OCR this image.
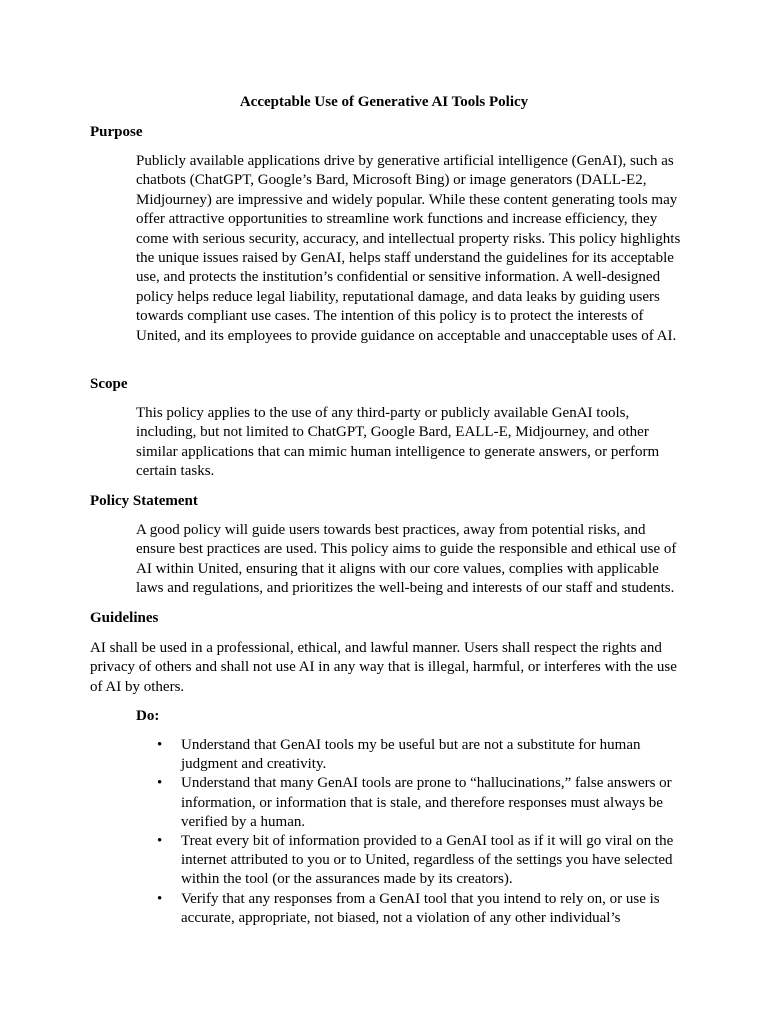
Acceptable Use of Generative AI Tools Policy
Purpose

Publicly available applications drive by generative artificial intelligence (GenAI), such as chatbots (ChatGPT, Google’s Bard, Microsoft Bing) or image generators (DALL-E2, Midjourney) are impressive and widely popular. While these content generating tools may offer attractive opportunities to streamline work functions and increase efficiency, they come with serious security, accuracy, and intellectual property risks. This policy highlights the unique issues raised by GenAI, helps staff understand the guidelines for its acceptable use, and protects the institution’s confidential or sensitive information. A well-designed policy helps reduce legal liability, reputational damage, and data leaks by guiding users towards compliant use cases. The intention of this policy is to protect the interests of United, and its employees to provide guidance on acceptable and unacceptable uses of AI.

Scope

This policy applies to the use of any third-party or publicly available GenAI tools, including, but not limited to ChatGPT, Google Bard, EALL-E, Midjourney, and other similar applications that can mimic human intelligence to generate answers, or perform certain tasks.

Policy Statement

A good policy will guide users towards best practices, away from potential risks, and ensure best practices are used. This policy aims to guide the responsible and ethical use of AI within United, ensuring that it aligns with our core values, complies with applicable laws and regulations, and prioritizes the well-being and interests of our staff and students.

Guidelines

AI shall be used in a professional, ethical, and lawful manner. Users shall respect the rights and privacy of others and shall not use AI in any way that is illegal, harmful, or interferes with the use of AI by others.

Do:
• Understand that GenAI tools my be useful but are not a substitute for human judgment and creativity.
• Understand that many GenAI tools are prone to “hallucinations,” false answers or information, or information that is stale, and therefore responses must always be verified by a human.
• Treat every bit of information provided to a GenAI tool as if it will go viral on the internet attributed to you or to United, regardless of the settings you have selected within the tool (or the assurances made by its creators).
• Verify that any responses from a GenAI tool that you intend to rely on, or use is accurate, appropriate, not biased, not a violation of any other individual’s
